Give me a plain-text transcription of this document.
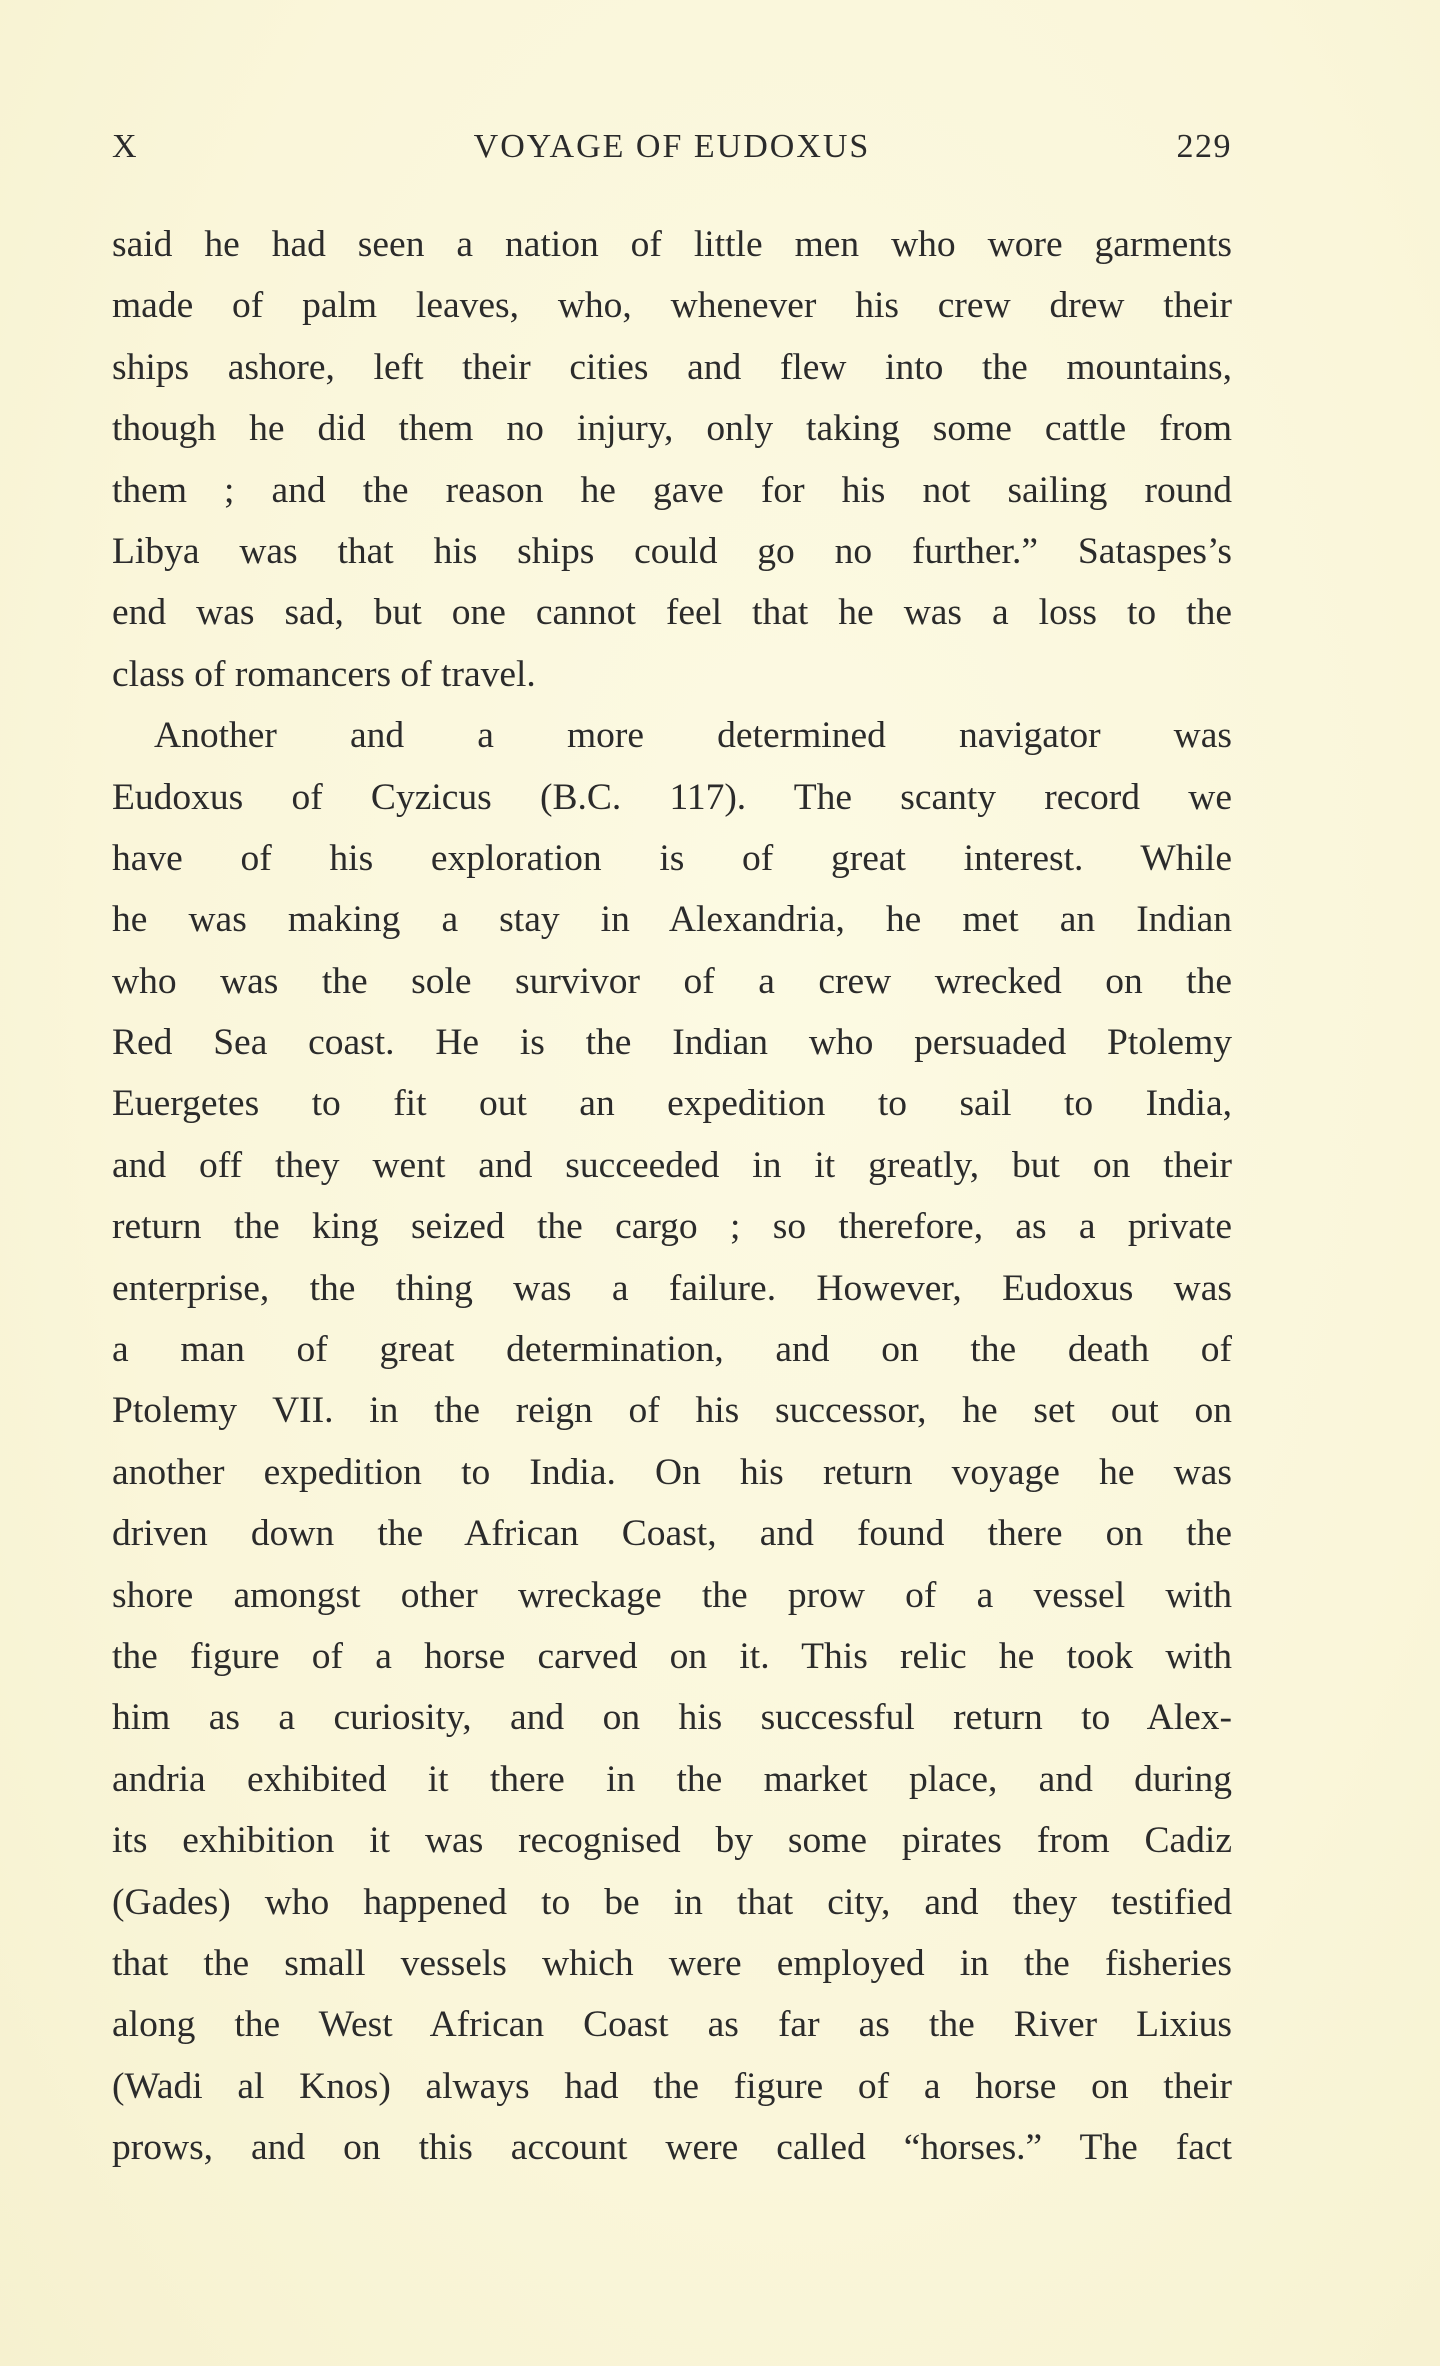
X	VOYAGE OF EUDOXUS	229
said he had seen a nation of little men who wore garments
made of palm leaves, who, whenever his crew drew their
ships ashore, left their cities and flew into the mountains,
though he did them no injury, only taking some cattle from
them ; and the reason he gave for his not sailing round
Libya was that his ships could go no further.” Sataspes’s
end was sad, but one cannot feel that he was a loss to the
class of romancers of travel.
Another and a more determined navigator was
Eudoxus of Cyzicus (B.C. 117). The scanty record we
have of his exploration is of great interest. While
he was making a stay in Alexandria, he met an Indian
who was the sole survivor of a crew wrecked on the
Red Sea coast. He is the Indian who persuaded Ptolemy
Euergetes to fit out an expedition to sail to India,
and off they went and succeeded in it greatly, but on their
return the king seized the cargo ; so therefore, as a private
enterprise, the thing was a failure. However, Eudoxus was
a man of great determination, and on the death of
Ptolemy VII. in the reign of his successor, he set out on
another expedition to India. On his return voyage he was
driven down the African Coast, and found there on the
shore amongst other wreckage the prow of a vessel with
the figure of a horse carved on it. This relic he took with
him as a curiosity, and on his successful return to Alex-
andria exhibited it there in the market place, and during
its exhibition it was recognised by some pirates from Cadiz
(Gades) who happened to be in that city, and they testified
that the small vessels which were employed in the fisheries
along the West African Coast as far as the River Lixius
(Wadi al Knos) always had the figure of a horse on their
prows, and on this account were called “horses.” The fact
